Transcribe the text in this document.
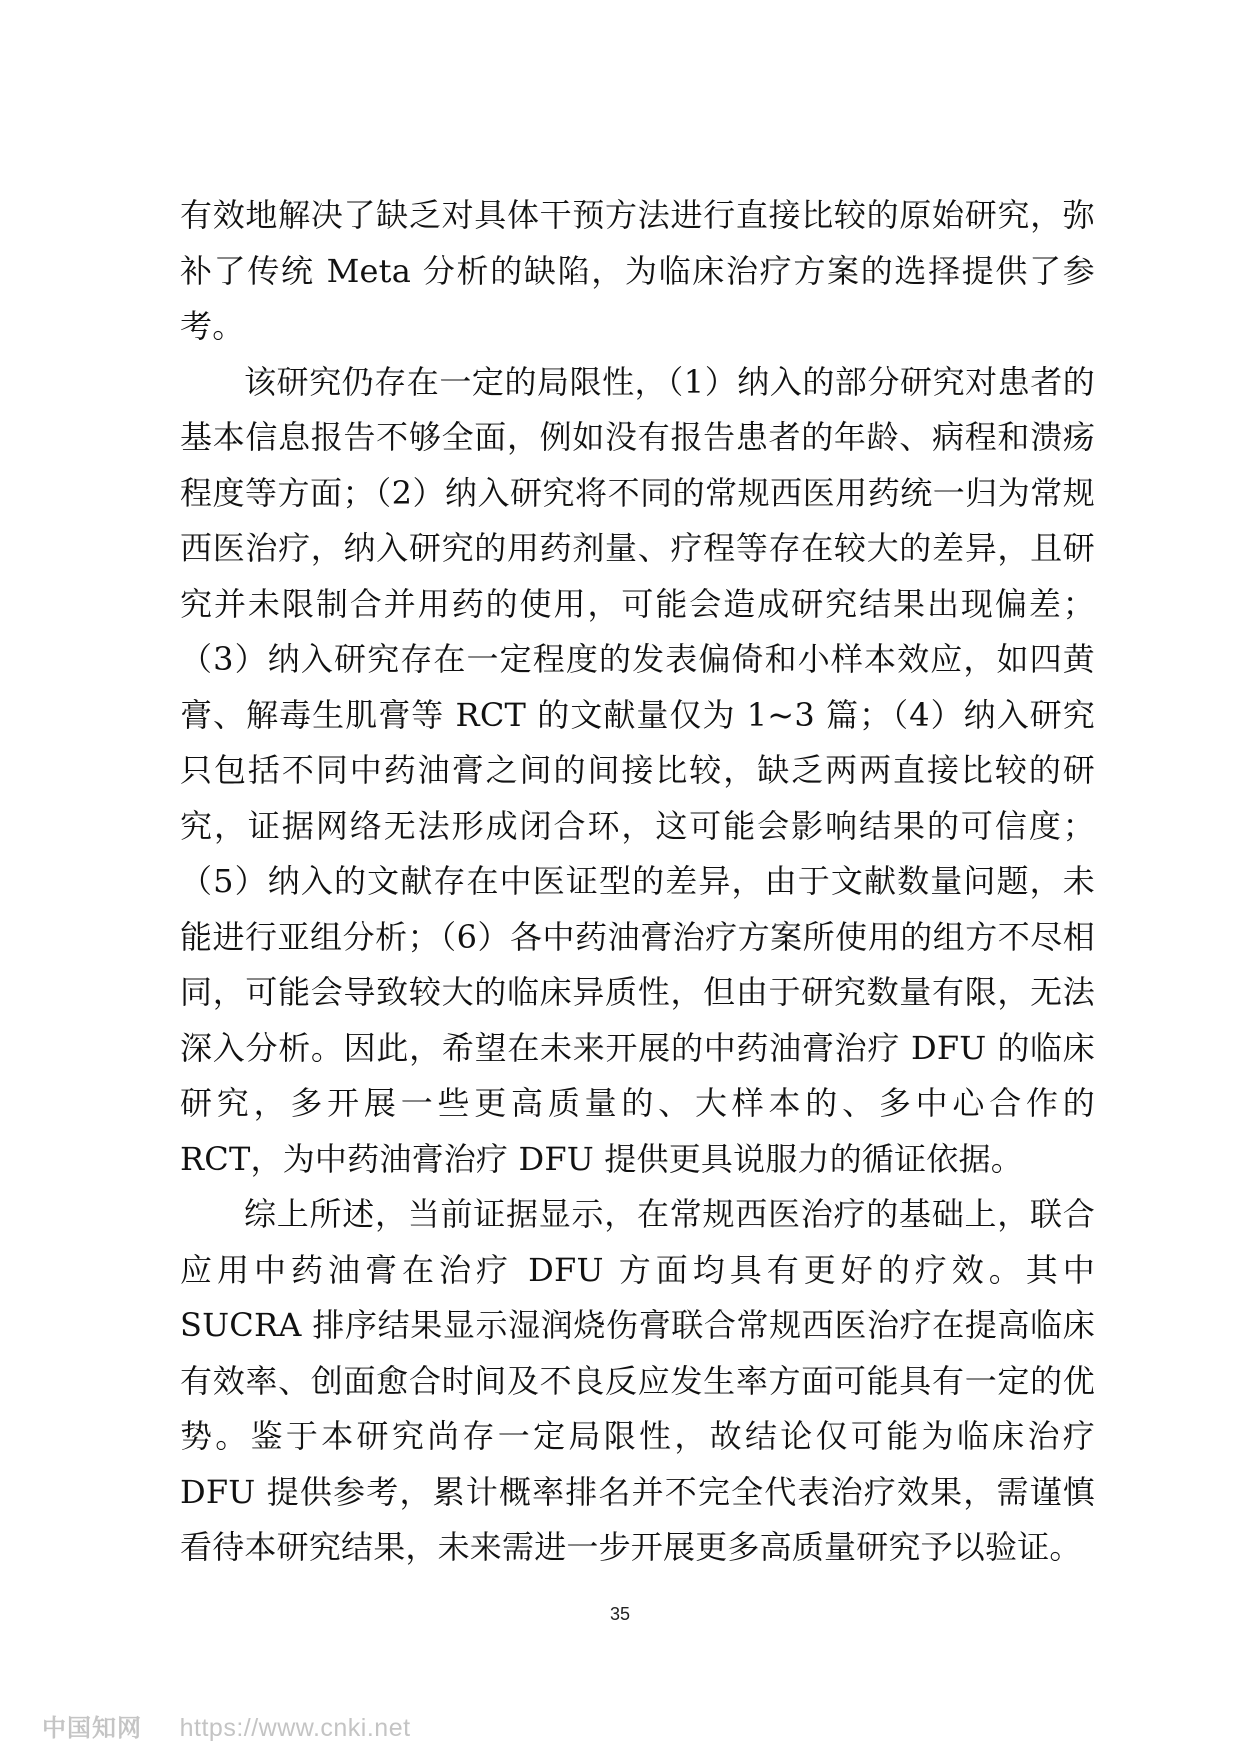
有效地解决了缺乏对具体干预方法进行直接比较的原始研究，弥补了传统 Meta 分析的缺陷，为临床治疗方案的选择提供了参考。

该研究仍存在一定的局限性，（1）纳入的部分研究对患者的基本信息报告不够全面，例如没有报告患者的年龄、病程和溃疡程度等方面；（2）纳入研究将不同的常规西医用药统一归为常规西医治疗，纳入研究的用药剂量、疗程等存在较大的差异，且研究并未限制合并用药的使用，可能会造成研究结果出现偏差；（3）纳入研究存在一定程度的发表偏倚和小样本效应，如四黄膏、解毒生肌膏等 RCT 的文献量仅为 1~3 篇；（4）纳入研究只包括不同中药油膏之间的间接比较，缺乏两两直接比较的研究，证据网络无法形成闭合环，这可能会影响结果的可信度；（5）纳入的文献存在中医证型的差异，由于文献数量问题，未能进行亚组分析；（6）各中药油膏治疗方案所使用的组方不尽相同，可能会导致较大的临床异质性，但由于研究数量有限，无法深入分析。因此，希望在未来开展的中药油膏治疗 DFU 的临床研究，多开展一些更高质量的、大样本的、多中心合作的 RCT，为中药油膏治疗 DFU 提供更具说服力的循证依据。

综上所述，当前证据显示，在常规西医治疗的基础上，联合应用中药油膏在治疗 DFU 方面均具有更好的疗效。其中 SUCRA 排序结果显示湿润烧伤膏联合常规西医治疗在提高临床有效率、创面愈合时间及不良反应发生率方面可能具有一定的优势。鉴于本研究尚存一定局限性，故结论仅可能为临床治疗 DFU 提供参考，累计概率排名并不完全代表治疗效果，需谨慎看待本研究结果，未来需进一步开展更多高质量研究予以验证。

35
中国知网 https://www.cnki.net
